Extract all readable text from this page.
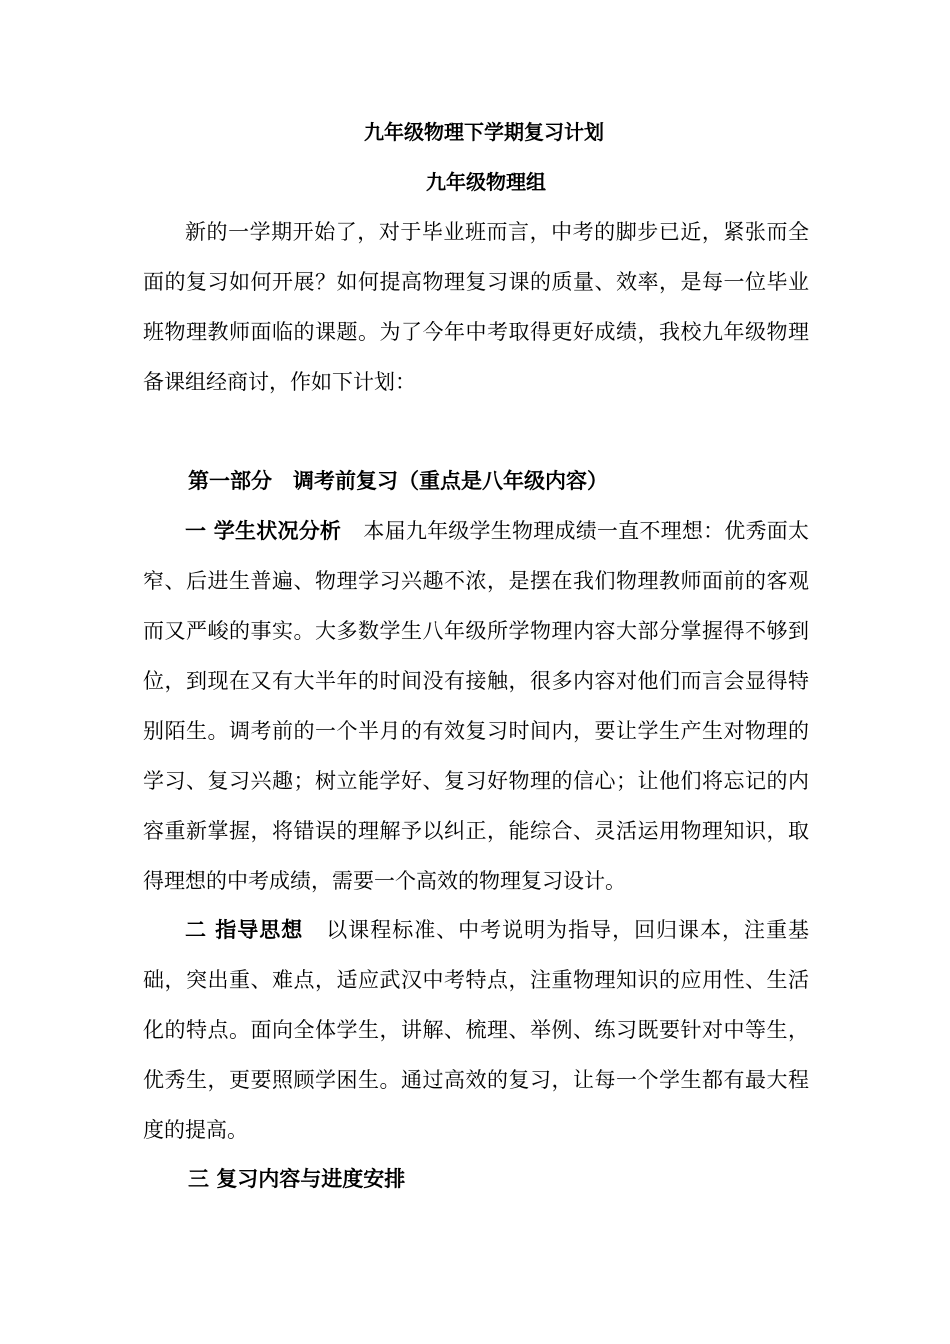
九年级物理下学期复习计划
九年级物理组

新的一学期开始了，对于毕业班而言，中考的脚步已近，紧张而全面的复习如何开展？如何提高物理复习课的质量、效率，是每一位毕业班物理教师面临的课题。为了今年中考取得更好成绩，我校九年级物理备课组经商讨，作如下计划：

第一部分　调考前复习（重点是八年级内容）

一 学生状况分析 本届九年级学生物理成绩一直不理想：优秀面太窄、后进生普遍、物理学习兴趣不浓，是摆在我们物理教师面前的客观而又严峻的事实。大多数学生八年级所学物理内容大部分掌握得不够到位，到现在又有大半年的时间没有接触，很多内容对他们而言会显得特别陌生。调考前的一个半月的有效复习时间内，要让学生产生对物理的学习、复习兴趣；树立能学好、复习好物理的信心；让他们将忘记的内容重新掌握，将错误的理解予以纠正，能综合、灵活运用物理知识，取得理想的中考成绩，需要一个高效的物理复习设计。

二 指导思想 以课程标准、中考说明为指导，回归课本，注重基础，突出重、难点，适应武汉中考特点，注重物理知识的应用性、生活化的特点。面向全体学生，讲解、梳理、举例、练习既要针对中等生，优秀生，更要照顾学困生。通过高效的复习，让每一个学生都有最大程度的提高。

三 复习内容与进度安排
